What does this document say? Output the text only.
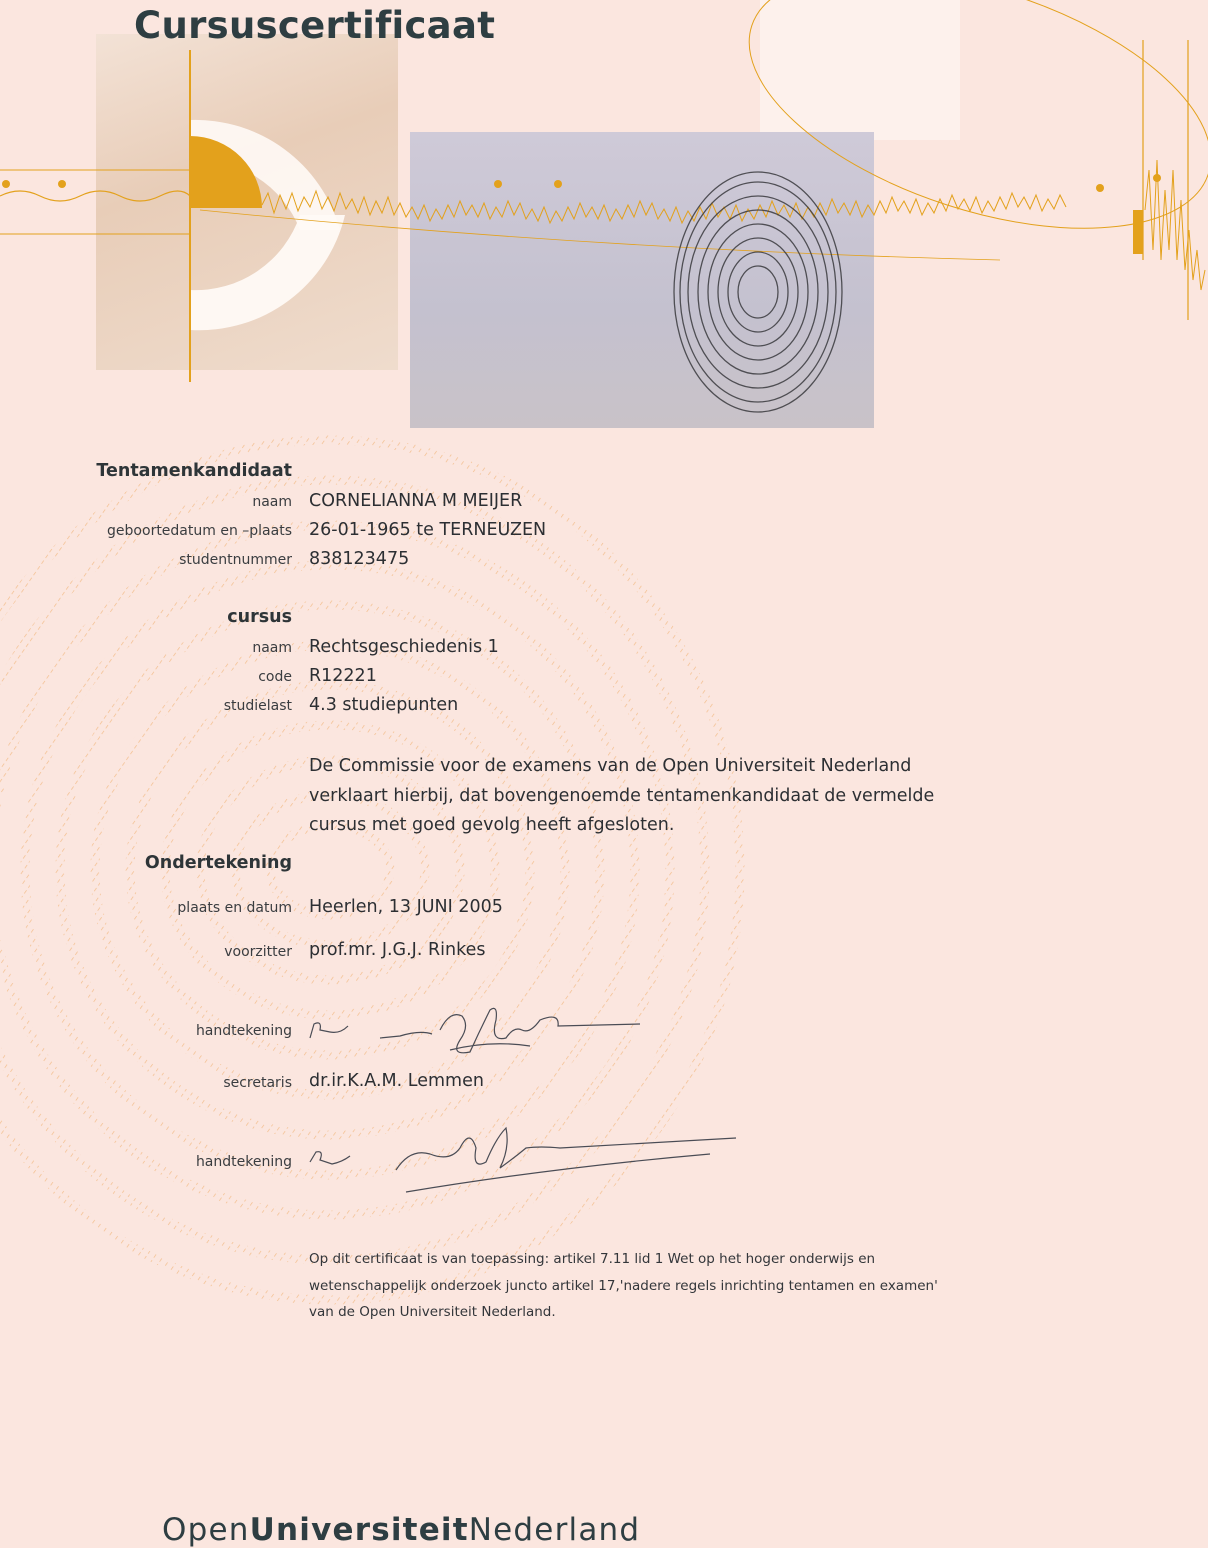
Cursuscertificaat
Tentamenkandidaat
naam CORNELIANNA M MEIJER
geboortedatum en –plaats 26-01-1965 te TERNEUZEN
studentnummer 838123475
cursus
naam Rechtsgeschiedenis 1
code R12221
studielast 4.3 studiepunten
De Commissie voor de examens van de Open Universiteit Nederland
verklaart hierbij, dat bovengenoemde tentamenkandidaat de vermelde
cursus met goed gevolg heeft afgesloten.
Ondertekening
plaats en datum Heerlen, 13 JUNI 2005
voorzitter prof.mr. J.G.J. Rinkes
handtekening
secretaris dr.ir.K.A.M. Lemmen
handtekening
Op dit certificaat is van toepassing: artikel 7.11 lid 1 Wet op het hoger onderwijs en
wetenschappelijk onderzoek juncto artikel 17,'nadere regels inrichting tentamen en examen'
van de Open Universiteit Nederland.
OpenUniversiteitNederland
